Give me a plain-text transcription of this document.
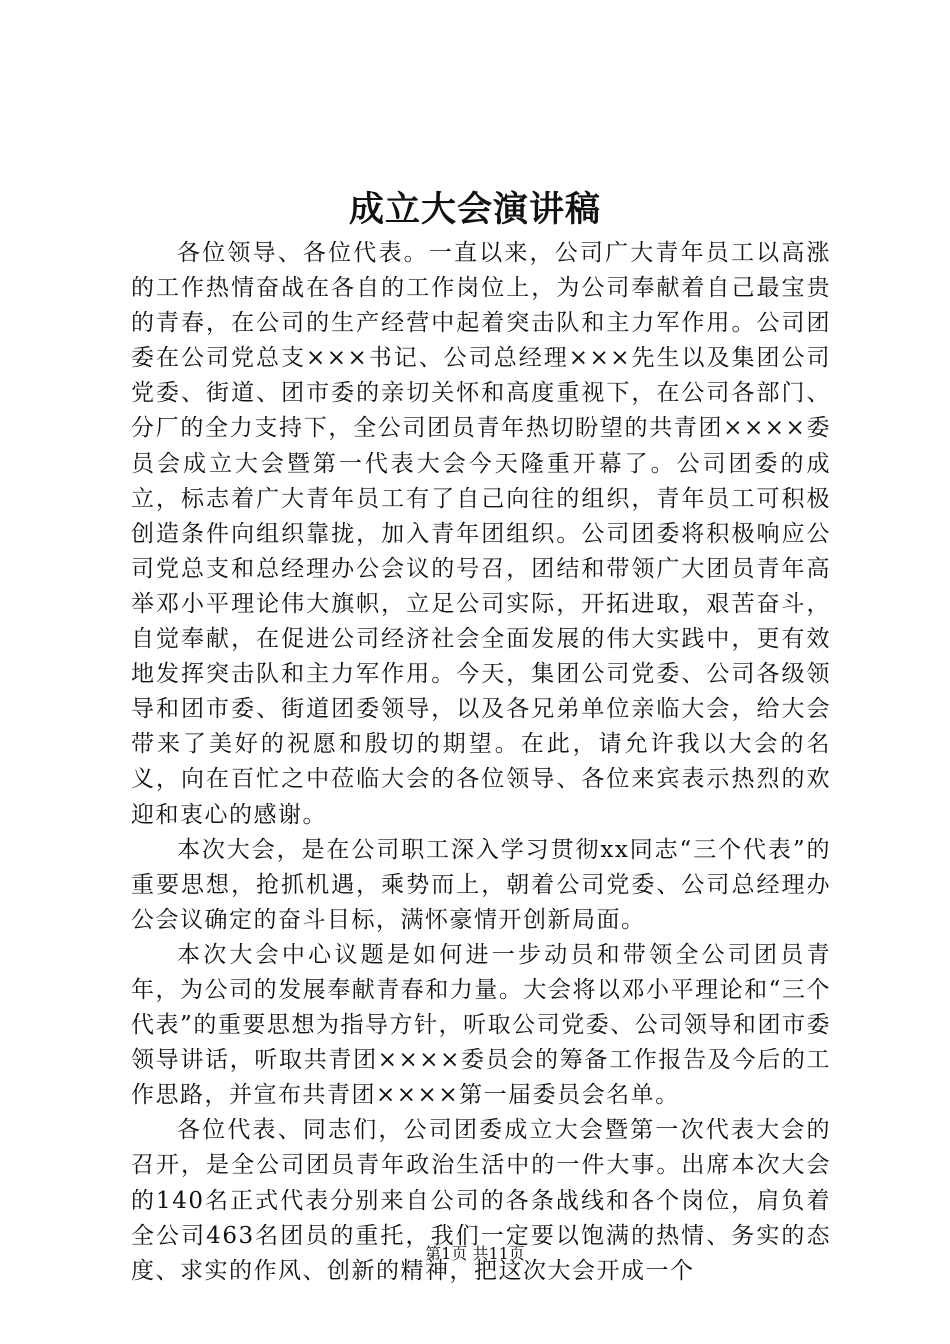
成立大会演讲稿

各位领导、各位代表。一直以来，公司广大青年员工以高涨的工作热情奋战在各自的工作岗位上，为公司奉献着自己最宝贵的青春，在公司的生产经营中起着突击队和主力军作用。公司团委在公司党总支×××书记、公司总经理×××先生以及集团公司党委、街道、团市委的亲切关怀和高度重视下，在公司各部门、分厂的全力支持下，全公司团员青年热切盼望的共青团××××委员会成立大会暨第一代表大会今天隆重开幕了。公司团委的成立，标志着广大青年员工有了自己向往的组织，青年员工可积极创造条件向组织靠拢，加入青年团组织。公司团委将积极响应公司党总支和总经理办公会议的号召，团结和带领广大团员青年高举邓小平理论伟大旗帜，立足公司实际，开拓进取，艰苦奋斗，自觉奉献，在促进公司经济社会全面发展的伟大实践中，更有效地发挥突击队和主力军作用。今天，集团公司党委、公司各级领导和团市委、街道团委领导，以及各兄弟单位亲临大会，给大会带来了美好的祝愿和殷切的期望。在此，请允许我以大会的名义，向在百忙之中莅临大会的各位领导、各位来宾表示热烈的欢迎和衷心的感谢。

本次大会，是在公司职工深入学习贯彻xx同志“三个代表”的重要思想，抢抓机遇，乘势而上，朝着公司党委、公司总经理办公会议确定的奋斗目标，满怀豪情开创新局面。

本次大会中心议题是如何进一步动员和带领全公司团员青年，为公司的发展奉献青春和力量。大会将以邓小平理论和“三个代表”的重要思想为指导方针，听取公司党委、公司领导和团市委领导讲话，听取共青团××××委员会的筹备工作报告及今后的工作思路，并宣布共青团××××第一届委员会名单。

各位代表、同志们，公司团委成立大会暨第一次代表大会的召开，是全公司团员青年政治生活中的一件大事。出席本次大会的140名正式代表分别来自公司的各条战线和各个岗位，肩负着全公司463名团员的重托，我们一定要以饱满的热情、务实的态度、求实的作风、创新的精神，把这次大会开成一个

第1页 共11页
